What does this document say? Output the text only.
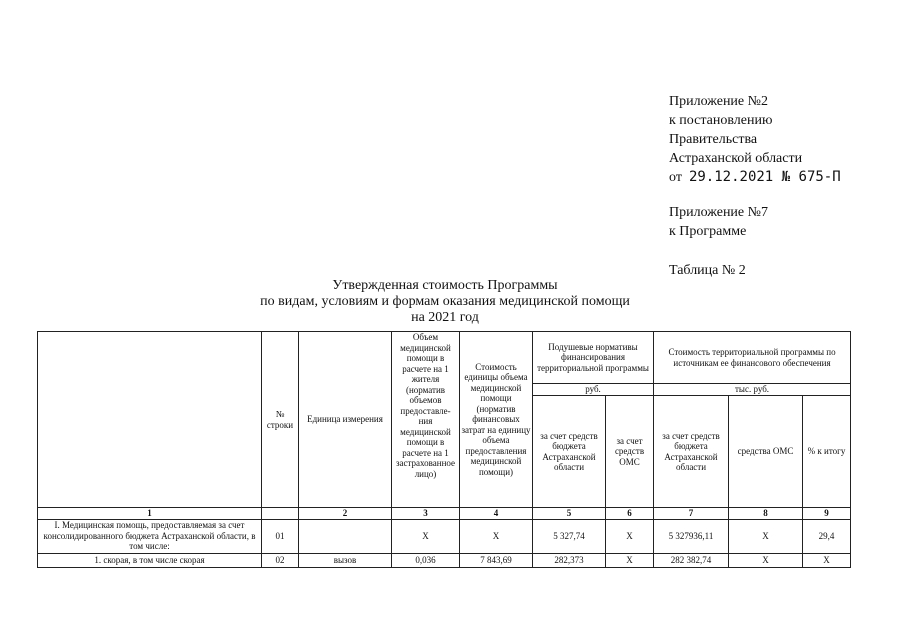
Приложение №2
к постановлению
Правительства
Астраханской области
от 29.12.2021 № 675-П
Приложение №7
к Программе
Таблица № 2
Утвержденная стоимость Программы
по видам, условиям и формам оказания медицинской помощи
на 2021 год
	№ строки	Единица измерения	Объем медицинской помощи в расчете на 1 жителя (норматив объемов предоставле- ния медицинской помощи в расчете на 1 застрахованное лицо)	Стоимость единицы объема медицинской помощи (норматив финансовых затрат на единицу объема предоставления медицинской помощи)	Подушевые нормативы финансирования территориальной программы		Стоимость территориальной программы по источникам ее финансового обеспечения		
					руб.		тыс. руб.		
					за счет средств бюджета Астраханской области	за счет средств ОМС	за счет средств бюджета Астраханской области	средства ОМС	% к итогу
1		2	3	4	5	6	7	8	9
I. Медицинская помощь, предоставляемая за счет консолидированного бюджета Астраханской области, в том числе:	01		X	X	5 327,74	X	5 327936,11	X	29,4
1. скорая, в том числе скорая	02	вызов	0,036	7 843,69	282,373	X	282 382,74	X	X
